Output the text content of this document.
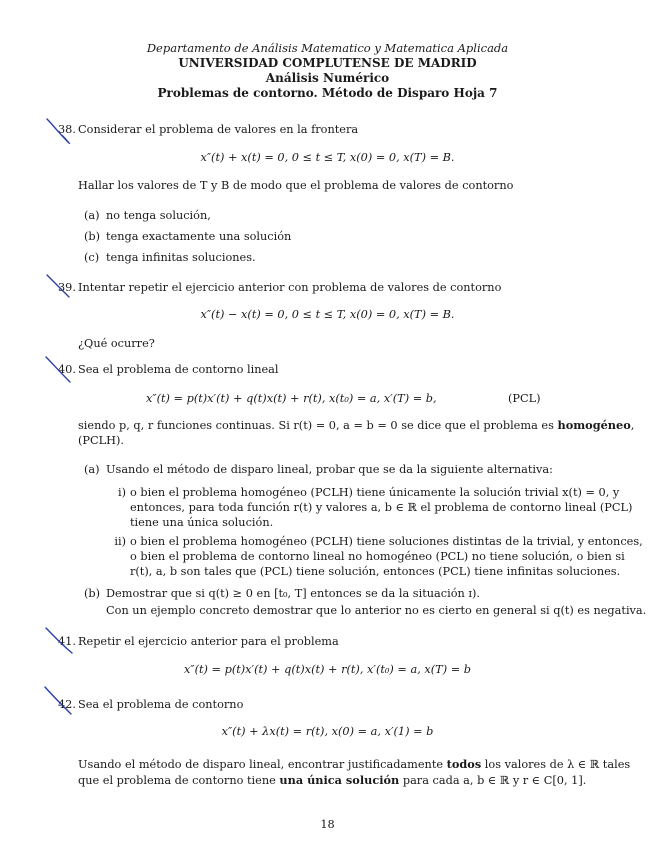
Departamento de Análisis Matematico y Matematica Aplicada
UNIVERSIDAD COMPLUTENSE DE MADRID
Análisis Numérico
Problemas de contorno. Método de Disparo Hoja 7
38. Considerar el problema de valores en la frontera
x″(t) + x(t) = 0, 0 ≤ t ≤ T, x(0) = 0, x(T) = B.
Hallar los valores de T y B de modo que el problema de valores de contorno
(a) no tenga solución,
(b) tenga exactamente una solución
(c) tenga infinitas soluciones.
39. Intentar repetir el ejercicio anterior con problema de valores de contorno
x″(t) − x(t) = 0, 0 ≤ t ≤ T, x(0) = 0, x(T) = B.
¿Qué ocurre?
40. Sea el problema de contorno lineal
x″(t) = p(t)x′(t) + q(t)x(t) + r(t), x(t₀) = a, x′(T) = b,	(PCL)
siendo p, q, r funciones continuas. Si r(t) = 0, a = b = 0 se dice que el problema es homogéneo,
(PCLH).
(a) Usando el método de disparo lineal, probar que se da la siguiente alternativa:
i) o bien el problema homogéneo (PCLH) tiene únicamente la solución trivial x(t) = 0, y
entonces, para toda función r(t) y valores a, b ∈ ℝ el problema de contorno lineal (PCL)
tiene una única solución.
ii) o bien el problema homogéneo (PCLH) tiene soluciones distintas de la trivial, y entonces,
o bien el problema de contorno lineal no homogéneo (PCL) no tiene solución, o bien si
r(t), a, b son tales que (PCL) tiene solución, entonces (PCL) tiene infinitas soluciones.
(b) Demostrar que si q(t) ≥ 0 en [t₀, T] entonces se da la situación ɪ).
Con un ejemplo concreto demostrar que lo anterior no es cierto en general si q(t) es negativa.
41. Repetir el ejercicio anterior para el problema
x″(t) = p(t)x′(t) + q(t)x(t) + r(t), x′(t₀) = a, x(T) = b
42. Sea el problema de contorno
x″(t) + λx(t) = r(t), x(0) = a, x′(1) = b
Usando el método de disparo lineal, encontrar justificadamente todos los valores de λ ∈ ℝ tales
que el problema de contorno tiene una única solución para cada a, b ∈ ℝ y r ∈ C[0, 1].
18
